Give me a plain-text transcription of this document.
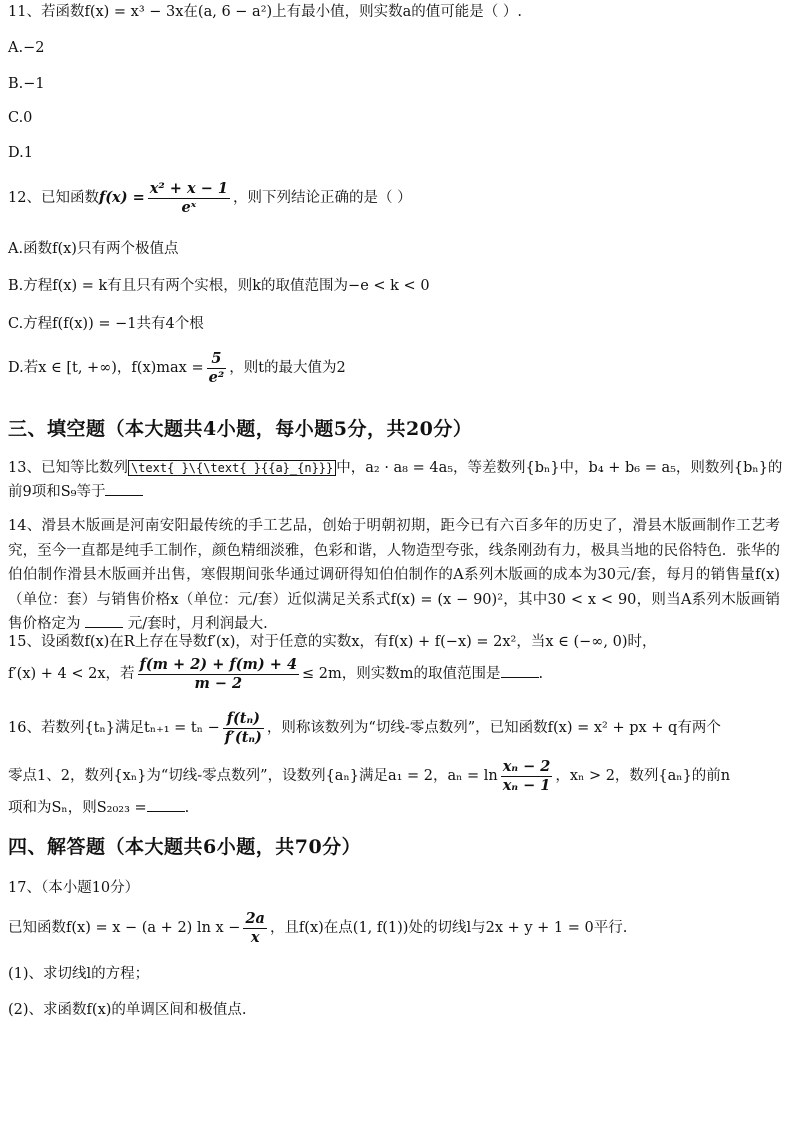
11、若函数f(x) = x³ − 3x在(a, 6 − a²)上有最小值，则实数a的值可能是（ ）.
A.−2
B.−1
C.0
D.1
12、已知函数$f(x) = \frac{\text{x² + x − 1}}{\text{eˣ}}$ ，则下列结论正确的是（ ）
A.函数f(x)只有两个极值点
B.方程f(x) = k有且只有两个实根，则k的取值范围为−e < k < 0
C.方程f(f(x)) = −1共有4个根
D.若x ∈ [t, +∞)，$f(x)\max = \frac{5}{\text{e²}}$ ，则t的最大值为2
三、填空题（本大题共4小题，每小题5分，共20分）
13、已知等比数列 \text{ }\{\text{ }{{a}_{n}}} 中，a₂ · a₈ = 4a₅，等差数列{bₙ}中，b₄ + b₆ = a₅，则数列{bₙ}的
前9项和S₉等于
14、滑县木版画是河南安阳最传统的手工艺品，创始于明朝初期，距今已有六百多年的历史了，滑县木版画制作工艺考究，至今一直都是纯手工制作，颜色精细淡雅，色彩和谐，人物造型夸张，线条刚劲有力，极具当地的民俗特色．张华的伯伯制作滑县木版画并出售，寒假期间张华通过调研得知伯伯制作的A系列木版画的成本为30元/套，每月的销售量f(x)（单位：套）与销售价格x（单位：元/套）近似满足关系式f(x) = (x − 90)²，其中30 < x < 90，则当A系列木版画销售价格定为	元/套时，月利润最大.
15、设函数f(x)在R上存在导数f′(x)，对于任意的实数x，有f(x) + f(−x) = 2x²，当x ∈ (−∞, 0)时，
f′(x) + 4 < 2x，若 $\frac{f(m + 2) + f(m) + 4}{m - 2} \le 2m$，则实数m的取值范围是	.
16、若数列{tₙ}满足$t_{n+1} = t_n - \frac{\text{f(tₙ)}}{\text{f′(tₙ)}}$ ，则称该数列为“切线-零点数列”，已知函数f(x) = x² + px + q有两个
零点1、2，数列{xₙ}为“切线-零点数列”，设数列{aₙ}满足a₁ = 2，$a_n = \ln \frac{\text{xₙ − 2}}{\text{xₙ − 1}}$ ，xₙ > 2，数列{aₙ}的前n
项和为Sₙ，则S₂₀₂₃ =	.
四、解答题（本大题共6小题，共70分）
17、（本小题10分）
已知函数f(x) = x − (a + 2) $\ln x - \frac{2a}{x}$ ，且f(x)在点(1, f(1))处的切线l与2x + y + 1 = 0平行.
(1)、求切线l的方程；
(2)、求函数f(x)的单调区间和极值点.
